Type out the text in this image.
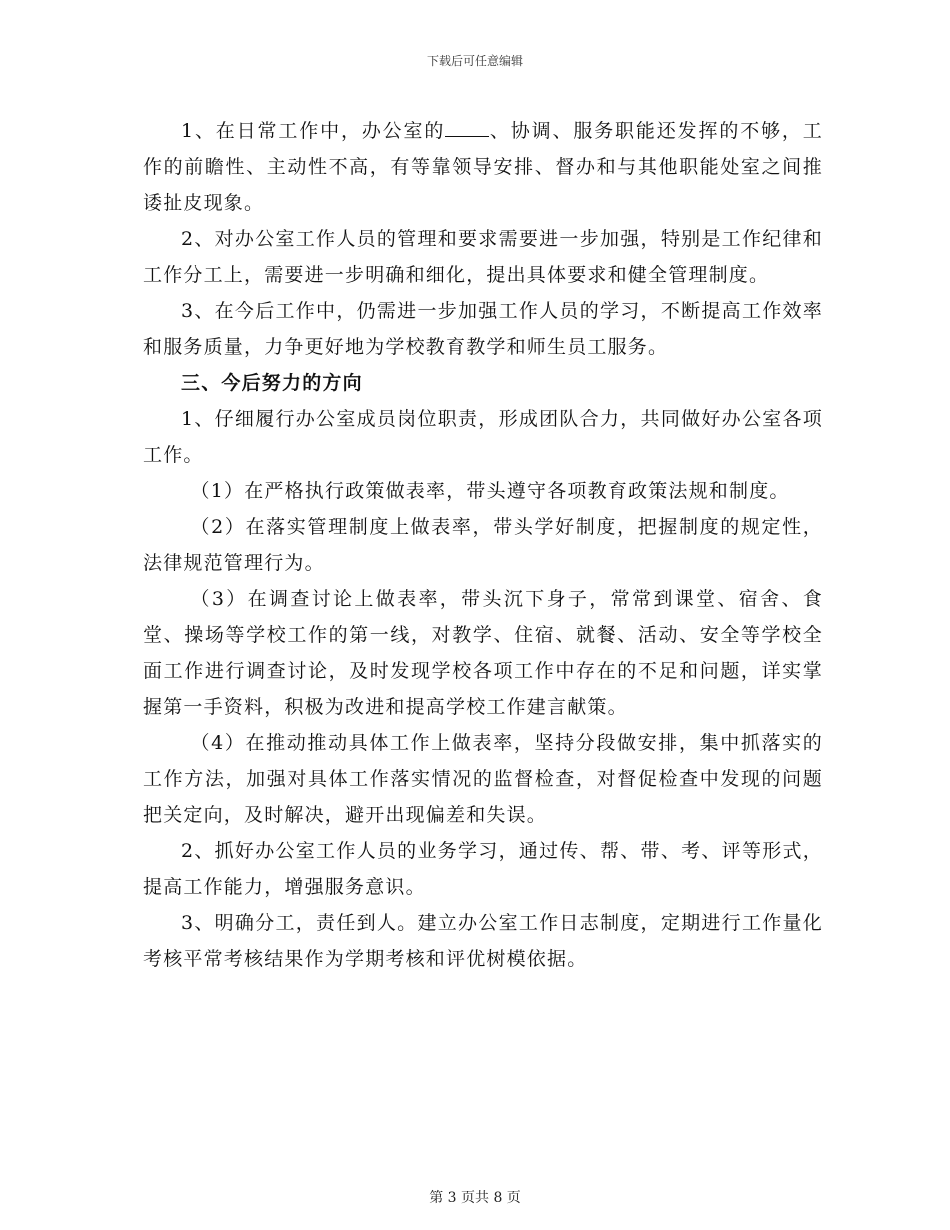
下载后可任意编辑

1、在日常工作中，办公室的 、协调、服务职能还发挥的不够，工作的前瞻性、主动性不高，有等靠领导安排、督办和与其他职能处室之间推诿扯皮现象。

2、对办公室工作人员的管理和要求需要进一步加强，特别是工作纪律和工作分工上，需要进一步明确和细化，提出具体要求和健全管理制度。

3、在今后工作中，仍需进一步加强工作人员的学习，不断提高工作效率和服务质量，力争更好地为学校教育教学和师生员工服务。

三、今后努力的方向

1、仔细履行办公室成员岗位职责，形成团队合力，共同做好办公室各项工作。

（1）在严格执行政策做表率，带头遵守各项教育政策法规和制度。

（2）在落实管理制度上做表率，带头学好制度，把握制度的规定性，法律规范管理行为。

（3）在调查讨论上做表率，带头沉下身子，常常到课堂、宿舍、食堂、操场等学校工作的第一线，对教学、住宿、就餐、活动、安全等学校全面工作进行调查讨论，及时发现学校各项工作中存在的不足和问题，详实掌握第一手资料，积极为改进和提高学校工作建言献策。

（4）在推动推动具体工作上做表率，坚持分段做安排，集中抓落实的工作方法，加强对具体工作落实情况的监督检查，对督促检查中发现的问题把关定向，及时解决，避开出现偏差和失误。

2、抓好办公室工作人员的业务学习，通过传、帮、带、考、评等形式，提高工作能力，增强服务意识。

3、明确分工，责任到人。建立办公室工作日志制度，定期进行工作量化考核平常考核结果作为学期考核和评优树模依据。

第 3 页共 8 页
